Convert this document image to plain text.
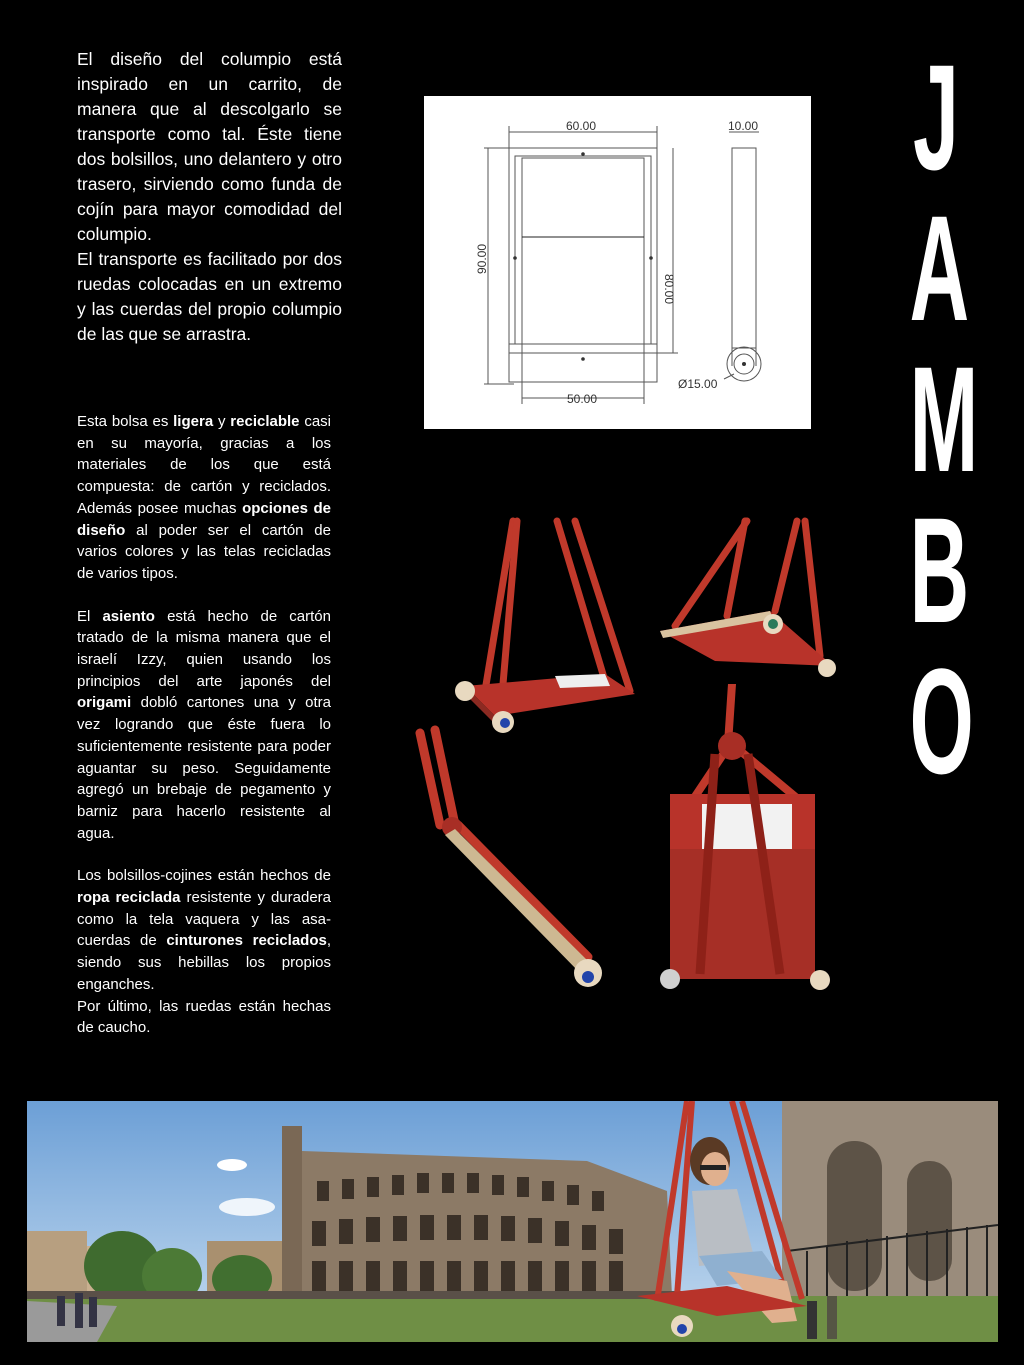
El diseño del columpio está inspirado en un carrito, de manera que al descolgarlo se transporte como tal. Éste tiene dos bolsillos, uno delantero y otro trasero, sirviendo como funda de cojín para mayor comodidad del columpio.

El transporte es facilitado por dos ruedas colocadas en un extremo y las cuerdas del propio columpio de las que se arrastra.

Esta bolsa es ligera y reciclable casi en su mayoría, gracias a los materiales de los que está compuesta: de cartón y reciclados. Además posee muchas opciones de diseño al poder ser el cartón de varios colores y las telas recicladas de varios tipos.

El asiento está hecho de cartón tratado de la misma manera que el israelí Izzy, quien usando los principios del arte japonés del origami dobló cartones una y otra vez logrando que éste fuera lo suficientemente resistente para poder aguantar su peso. Seguidamente agregó un brebaje de pegamento y barniz para hacerlo resistente al agua.

Los bolsillos-cojines están hechos de ropa reciclada resistente y duradera como la tela vaquera y las asa-cuerdas de cinturones reciclados, siendo sus hebillas los propios enganches.

Por último, las ruedas están hechas de caucho.

J
A
M
B
O
60.00	10.00
50.00
Ø15.00
90.00
80.00
